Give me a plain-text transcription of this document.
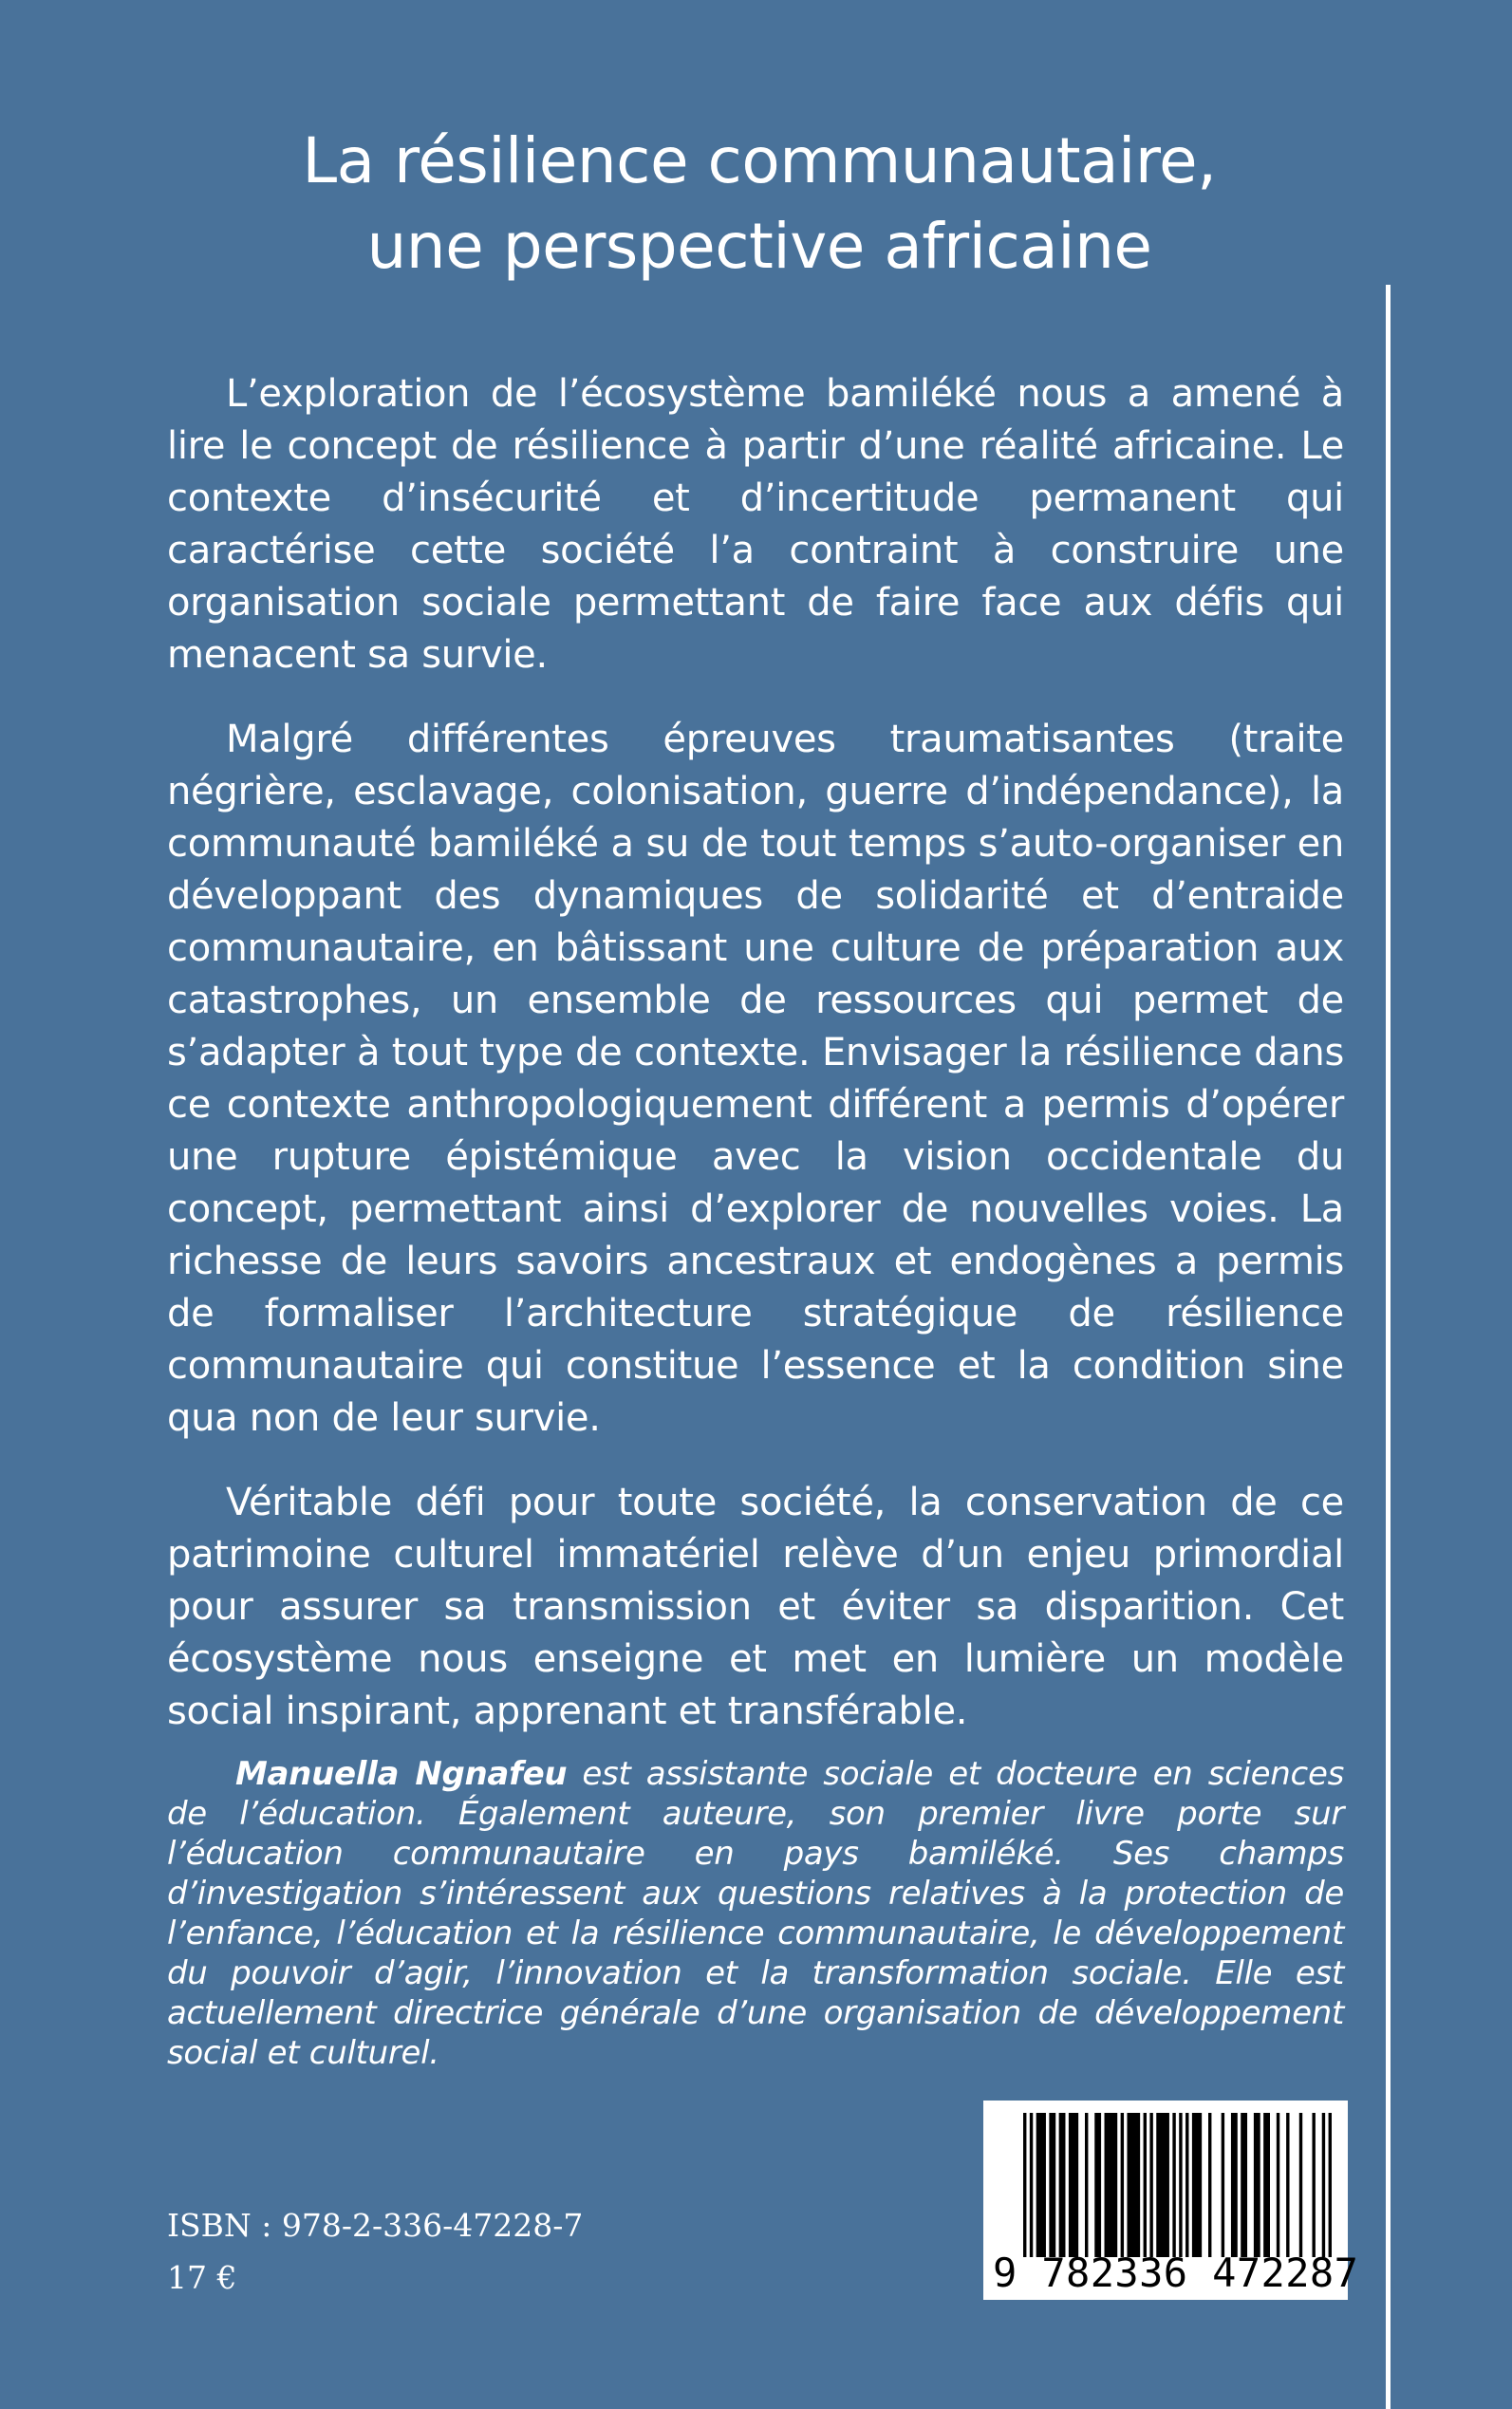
La résilience communautaire,
une perspective africaine

L’exploration de l’écosystème bamiléké nous a amené à lire le concept de résilience à partir d’une réalité africaine. Le contexte d’insécurité et d’incertitude permanent qui caractérise cette société l’a contraint à construire une organisation sociale permettant de faire face aux défis qui menacent sa survie.

Malgré différentes épreuves traumatisantes (traite négrière, esclavage, colonisation, guerre d’indépendance), la communauté bamiléké a su de tout temps s’auto-organiser en développant des dynamiques de solidarité et d’entraide communautaire, en bâtissant une culture de préparation aux catastrophes, un ensemble de ressources qui permet de s’adapter à tout type de contexte. Envisager la résilience dans ce contexte anthropologiquement différent a permis d’opérer une rupture épistémique avec la vision occidentale du concept, permettant ainsi d’explorer de nouvelles voies. La richesse de leurs savoirs ancestraux et endogènes a permis de formaliser l’architecture stratégique de résilience communautaire qui constitue l’essence et la condition sine qua non de leur survie.

Véritable défi pour toute société, la conservation de ce patrimoine culturel immatériel relève d’un enjeu primordial pour assurer sa transmission et éviter sa disparition. Cet écosystème nous enseigne et met en lumière un modèle social inspirant, apprenant et transférable.

Manuella Ngnafeu est assistante sociale et docteure en sciences de l’éducation. Également auteure, son premier livre porte sur l’éducation communautaire en pays bamiléké. Ses champs d’investigation s’intéressent aux questions relatives à la protection de l’enfance, l’éducation et la résilience communautaire, le développement du pouvoir d’agir, l’innovation et la transformation sociale. Elle est actuellement directrice générale d’une organisation de développement social et culturel.

ISBN : 978-2-336-47228-7

17 €	9 782336 472287
